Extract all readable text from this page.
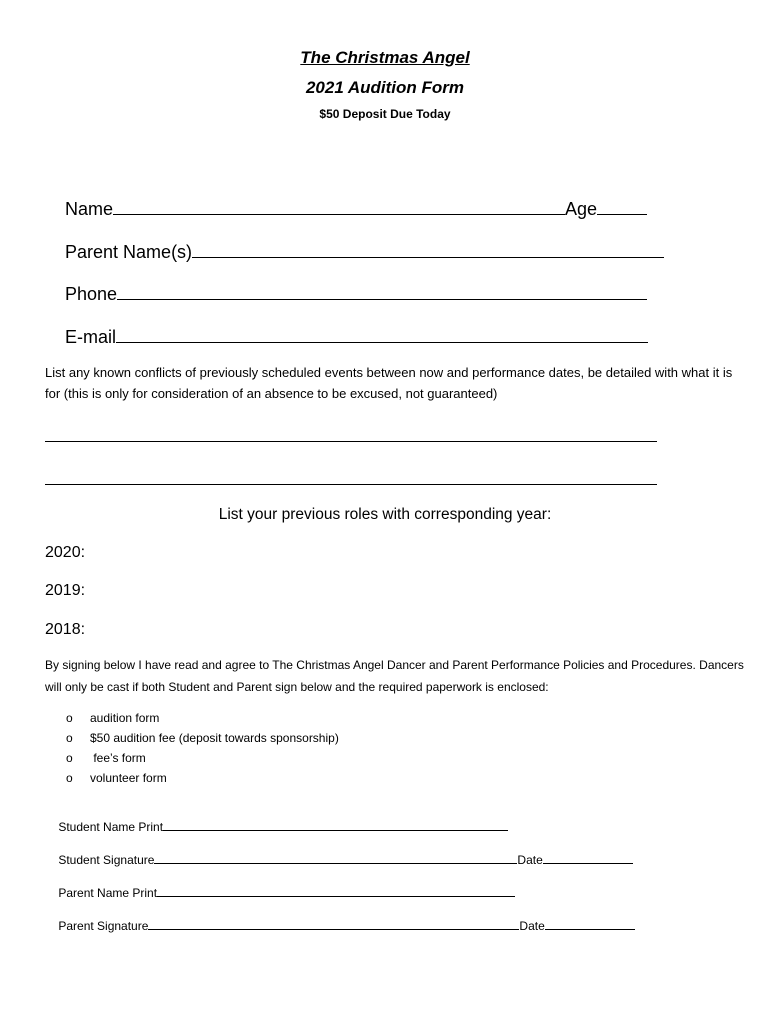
The Christmas Angel
2021 Audition Form
$50 Deposit Due Today

Name	Age

Parent Name(s)

Phone

E-mail

List any known conflicts of previously scheduled events between now and performance dates, be detailed with what it is for (this is only for consideration of an absence to be excused, not guaranteed)
List your previous roles with corresponding year:
2020:
2019:
2018:
By signing below I have read and agree to The Christmas Angel Dancer and Parent Performance Policies and Procedures. Dancers will only be cast if both Student and Parent sign below and the required paperwork is enclosed:
o audition form
o $50 audition fee (deposit towards sponsorship)
o fee’s form
o volunteer form

Student Name Print

Student Signature	Date

Parent Name Print

Parent Signature	Date
